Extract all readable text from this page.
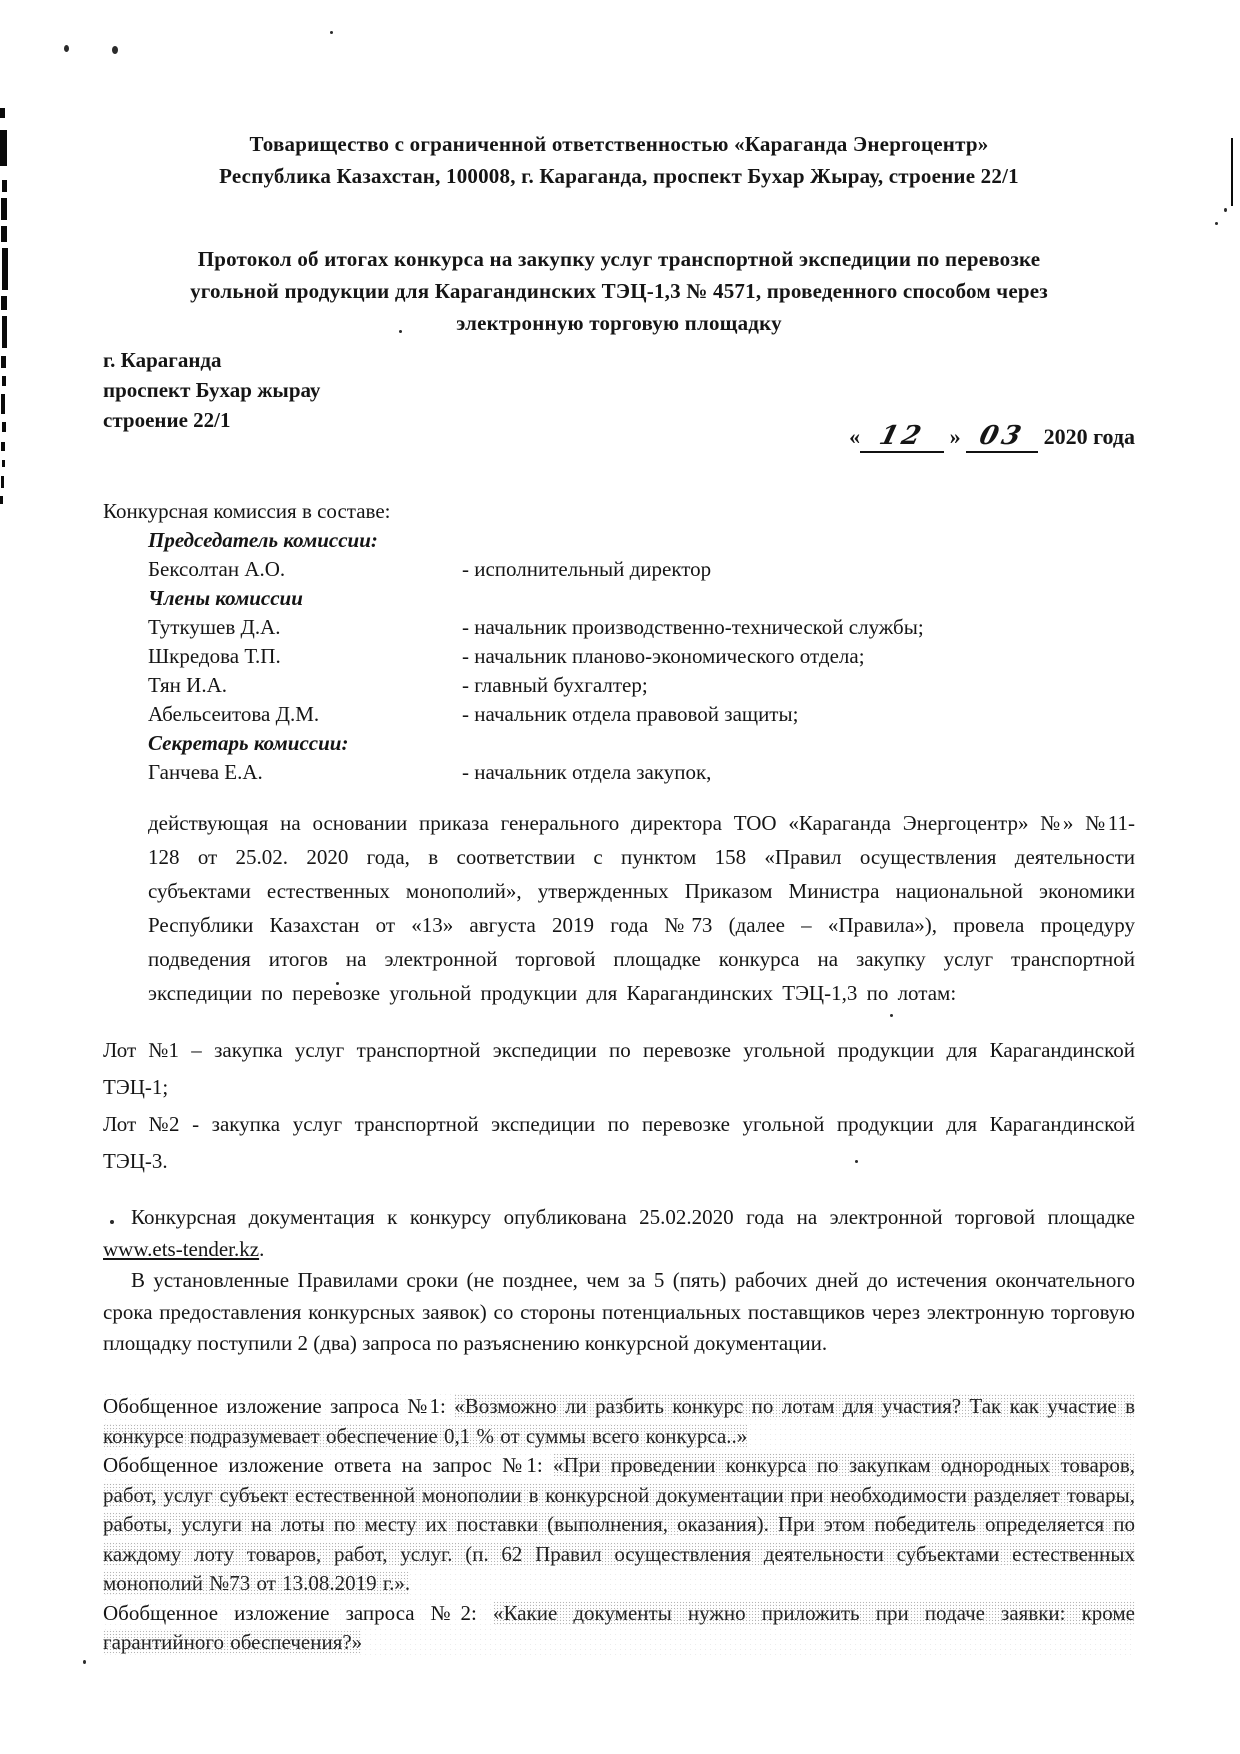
Товарищество с ограниченной ответственностью «Караганда Энергоцентр»
Республика Казахстан, 100008, г. Караганда, проспект Бухар Жырау, строение 22/1
Протокол об итогах конкурса на закупку услуг транспортной экспедиции по перевозке
угольной продукции для Карагандинских ТЭЦ-1,3 № 4571, проведенного способом через
электронную торговую площадку
г. Караганда
проспект Бухар жырау
строение 22/1
« 12 » 03 2020 года
Конкурсная комиссия в составе:
Председатель комиссии:
Бексолтан А.О.	- исполнительный директор
Члены комиссии
Туткушев Д.А.	- начальник производственно-технической службы;
Шкредова Т.П.	- начальник планово-экономического отдела;
Тян И.А.	- главный бухгалтер;
Абельсеитова Д.М.	- начальник отдела правовой защиты;
Секретарь комиссии:
Ганчева Е.А.	- начальник отдела закупок,
действующая на основании приказа генерального директора ТОО «Караганда Энергоцентр» №» №11-128 от 25.02. 2020 года, в соответствии с пунктом 158 «Правил осуществления деятельности субъектами естественных монополий», утвержденных Приказом Министра национальной экономики Республики Казахстан от «13» августа 2019 года №73 (далее – «Правила»), провела процедуру подведения итогов на электронной торговой площадке конкурса на закупку услуг транспортной экспедиции по перевозке угольной продукции для Карагандинских ТЭЦ-1,3 по лотам:

Лот №1 – закупка услуг транспортной экспедиции по перевозке угольной продукции для Карагандинской ТЭЦ-1;

Лот №2 - закупка услуг транспортной экспедиции по перевозке угольной продукции для Карагандинской ТЭЦ-3.

Конкурсная документация к конкурсу опубликована 25.02.2020 года на электронной торговой площадке www.ets-tender.kz.

В установленные Правилами сроки (не позднее, чем за 5 (пять) рабочих дней до истечения окончательного срока предоставления конкурсных заявок) со стороны потенциальных поставщиков через электронную торговую площадку поступили 2 (два) запроса по разъяснению конкурсной документации.

Обобщенное изложение запроса №1: «Возможно ли разбить конкурс по лотам для участия? Так как участие в конкурсе подразумевает обеспечение 0,1 % от суммы всего конкурса..»

Обобщенное изложение ответа на запрос №1: «При проведении конкурса по закупкам однородных товаров, работ, услуг субъект естественной монополии в конкурсной документации при необходимости разделяет товары, работы, услуги на лоты по месту их поставки (выполнения, оказания). При этом победитель определяется по каждому лоту товаров, работ, услуг. (п. 62 Правил осуществления деятельности субъектами естественных монополий №73 от 13.08.2019 г.».

Обобщенное изложение запроса №2: «Какие документы нужно приложить при подаче заявки: кроме гарантийного обеспечения?»
